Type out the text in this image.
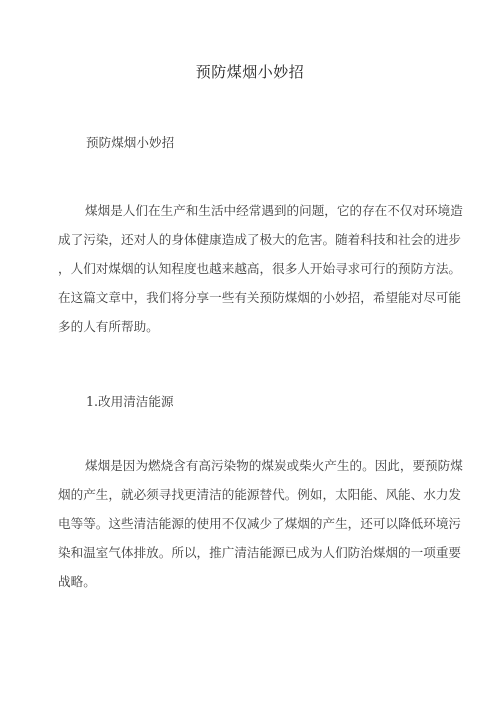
预防煤烟小妙招
预防煤烟小妙招

煤烟是人们在生产和生活中经常遇到的问题，它的存在不仅对环境造

成了污染，还对人的身体健康造成了极大的危害。随着科技和社会的进步

，人们对煤烟的认知程度也越来越高，很多人开始寻求可行的预防方法。

在这篇文章中，我们将分享一些有关预防煤烟的小妙招，希望能对尽可能

多的人有所帮助。

1.改用清洁能源

煤烟是因为燃烧含有高污染物的煤炭或柴火产生的。因此，要预防煤

烟的产生，就必须寻找更清洁的能源替代。例如，太阳能、风能、水力发

电等等。这些清洁能源的使用不仅减少了煤烟的产生，还可以降低环境污

染和温室气体排放。所以，推广清洁能源已成为人们防治煤烟的一项重要

战略。
